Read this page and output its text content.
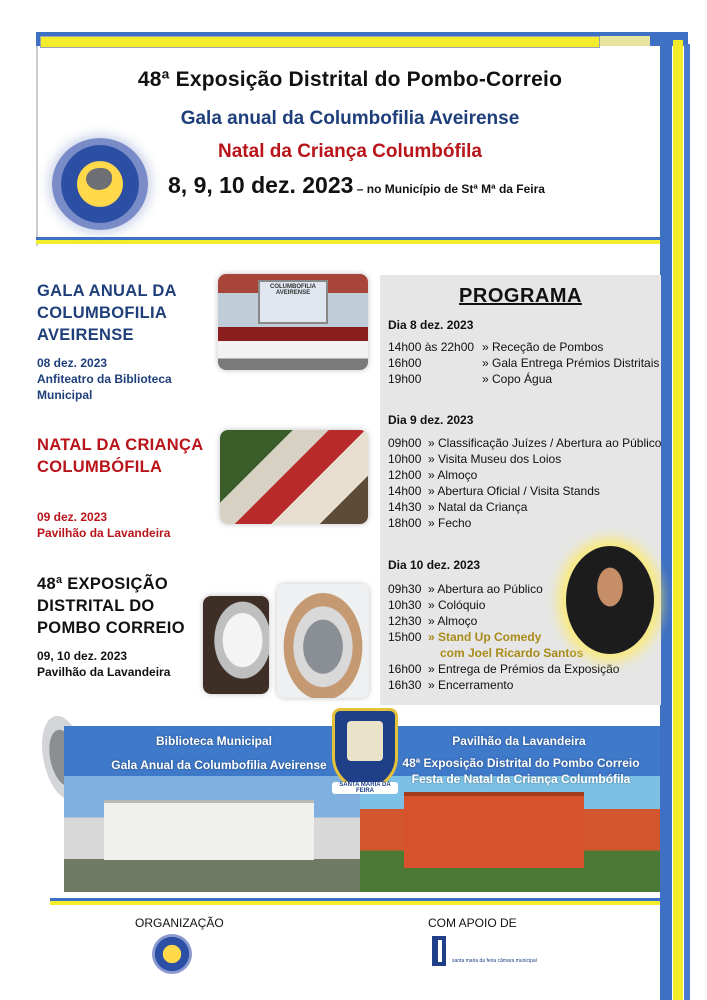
48ª Exposição Distrital do Pombo-Correio
Gala anual da Columbofilia Aveirense
Natal da Criança Columbófila
8, 9, 10 dez. 2023 – no Município de Stª Mª da Feira
GALA ANUAL DA COLUMBOFILIA AVEIRENSE
08 dez. 2023
Anfiteatro da Biblioteca Municipal
NATAL DA CRIANÇA COLUMBÓFILA
09 dez. 2023
Pavilhão da Lavandeira
48ª EXPOSIÇÃO DISTRITAL DO POMBO CORREIO
09, 10 dez. 2023
Pavilhão da Lavandeira
COLUMBOFILIA AVEIRENSE	PROGRAMA
Dia 8 dez. 2023
14h00 às 22h00 » Receção de Pombos
16h00	» Gala Entrega Prémios Distritais
19h00	» Copo Água
Dia 9 dez. 2023
09h00 » Classificação Juízes / Abertura ao Público
10h00 » Visita Museu dos Loios
12h00 » Almoço
14h00 » Abertura Oficial / Visita Stands
14h30 » Natal da Criança
18h00 » Fecho
Dia 10 dez. 2023
09h30 » Abertura ao Público
10h30 » Colóquio
12h30 » Almoço
15h00 » Stand Up Comedy
com Joel Ricardo Santos
16h00 » Entrega de Prémios da Exposição
16h30 » Encerramento
Biblioteca Municipal
Gala Anual da Columbofilia Aveirense
Pavilhão da Lavandeira
48ª Exposição Distrital do Pombo Correio
Festa de Natal da Criança Columbófila
SANTA MARIA DA FEIRA
ORGANIZAÇÃO	COM APOIO DE
santa maria da feira câmara municipal
